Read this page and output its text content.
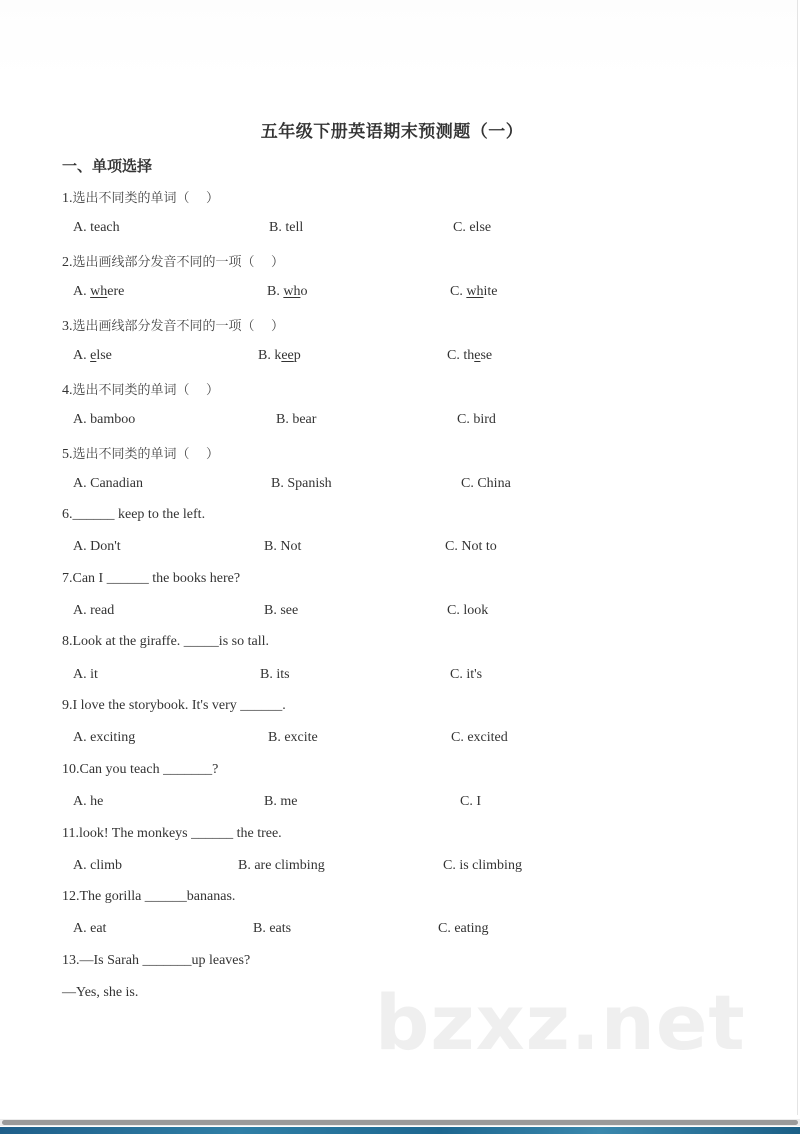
五年级下册英语期末预测题（一）
一、单项选择
1.选出不同类的单词（    ）
A. teach	B. tell	C. else
2.选出画线部分发音不同的一项（    ）
A. where	B. who	C. white
3.选出画线部分发音不同的一项（    ）
A. else	B. keep	C. these
4.选出不同类的单词（    ）
A. bamboo	B. bear	C. bird
5.选出不同类的单词（    ）
A. Canadian	B. Spanish	C. China
6.______ keep to the left.
A. Don't	B. Not	C. Not to
7.Can I ______ the books here?
A. read	B. see	C. look
8.Look at the giraffe. _____is so tall.
A. it	B. its	C. it's
9.I love the storybook. It's very ______.
A. exciting	B. excite	C. excited
10.Can you teach _______?
A. he	B. me	C. I
11.look! The monkeys ______ the tree.
A. climb	B. are climbing	C. is climbing
12.The gorilla ______bananas.
A. eat	B. eats	C. eating
13.—Is Sarah _______up leaves?
—Yes, she is.	bzxz.net
